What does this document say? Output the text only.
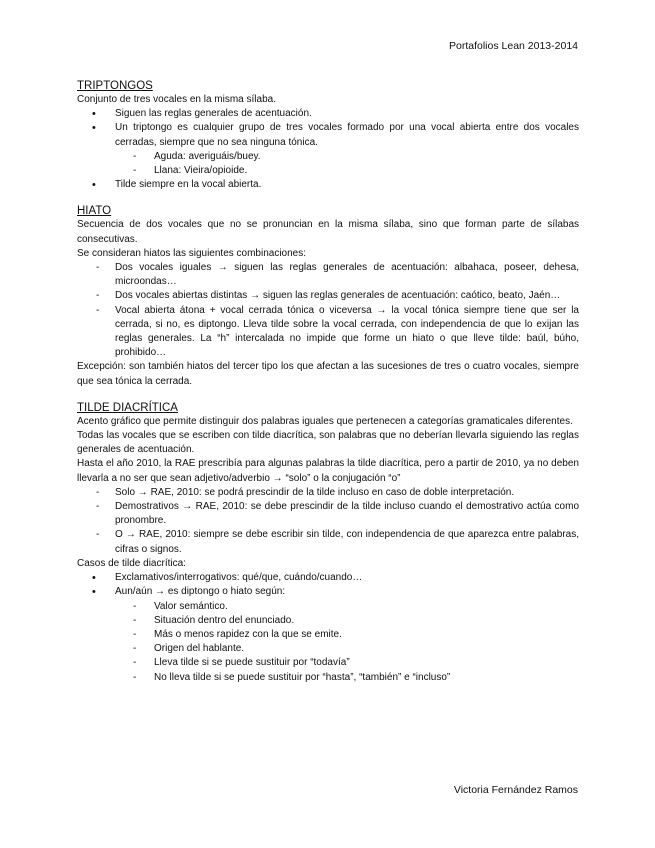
Portafolios Lean 2013-2014

TRIPTONGOS

Conjunto de tres vocales en la misma sílaba.

• Siguen las reglas generales de acentuación.
• Un triptongo es cualquier grupo de tres vocales formado por una vocal abierta entre dos vocales cerradas, siempre que no sea ninguna tónica.
- Aguda: averiguáis/buey.
- Llana: Vieira/opioide.
• Tilde siempre en la vocal abierta.

HIATO

Secuencia de dos vocales que no se pronuncian en la misma sílaba, sino que forman parte de sílabas consecutivas.

Se consideran hiatos las siguientes combinaciones:

- Dos vocales iguales → siguen las reglas generales de acentuación: albahaca, poseer, dehesa, microondas…
- Dos vocales abiertas distintas → siguen las reglas generales de acentuación: caótico, beato, Jaén…
- Vocal abierta átona + vocal cerrada tónica o viceversa → la vocal tónica siempre tiene que ser la cerrada, si no, es diptongo. Lleva tilde sobre la vocal cerrada, con independencia de que lo exijan las reglas generales. La “h” intercalada no impide que forme un hiato o que lleve tilde: baúl, búho, prohibido…

Excepción: son también hiatos del tercer tipo los que afectan a las sucesiones de tres o cuatro vocales, siempre que sea tónica la cerrada.

TILDE DIACRÍTICA

Acento gráfico que permite distinguir dos palabras iguales que pertenecen a categorías gramaticales diferentes.

Todas las vocales que se escriben con tilde diacrítica, son palabras que no deberían llevarla siguiendo las reglas generales de acentuación.

Hasta el año 2010, la RAE prescribía para algunas palabras la tilde diacrítica, pero a partir de 2010, ya no deben llevarla a no ser que sean adjetivo/adverbio → “solo” o la conjugación “o”

- Solo → RAE, 2010: se podrá prescindir de la tilde incluso en caso de doble interpretación.
- Demostrativos → RAE, 2010: se debe prescindir de la tilde incluso cuando el demostrativo actúa como pronombre.
- O → RAE, 2010: siempre se debe escribir sin tilde, con independencia de que aparezca entre palabras, cifras o signos.

Casos de tilde diacrítica:

• Exclamativos/interrogativos: qué/que, cuándo/cuando…
• Aun/aún → es diptongo o hiato según:
- Valor semántico.
- Situación dentro del enunciado.
- Más o menos rapidez con la que se emite.
- Origen del hablante.
- Lleva tilde si se puede sustituir por “todavía”
- No lleva tilde si se puede sustituir por “hasta”, “también” e “incluso”
Victoria Fernández Ramos
